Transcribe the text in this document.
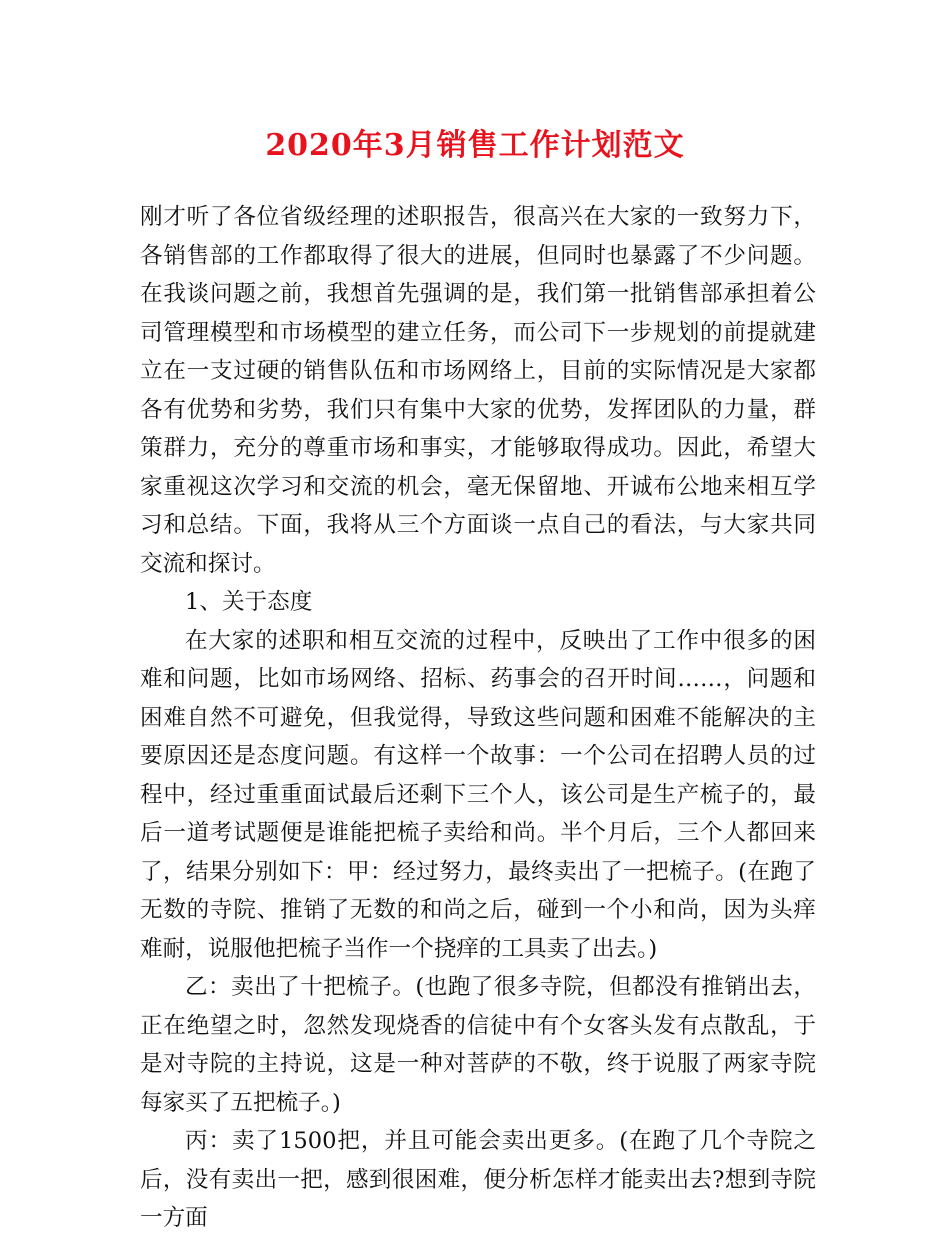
2020年3月销售工作计划范文

刚才听了各位省级经理的述职报告，很高兴在大家的一致努力下，各销售部的工作都取得了很大的进展，但同时也暴露了不少问题。在我谈问题之前，我想首先强调的是，我们第一批销售部承担着公司管理模型和市场模型的建立任务，而公司下一步规划的前提就建立在一支过硬的销售队伍和市场网络上，目前的实际情况是大家都各有优势和劣势，我们只有集中大家的优势，发挥团队的力量，群策群力，充分的尊重市场和事实，才能够取得成功。因此，希望大家重视这次学习和交流的机会，毫无保留地、开诚布公地来相互学习和总结。下面，我将从三个方面谈一点自己的看法，与大家共同交流和探讨。

1、关于态度

在大家的述职和相互交流的过程中，反映出了工作中很多的困难和问题，比如市场网络、招标、药事会的召开时间……，问题和困难自然不可避免，但我觉得，导致这些问题和困难不能解决的主要原因还是态度问题。有这样一个故事：一个公司在招聘人员的过程中，经过重重面试最后还剩下三个人，该公司是生产梳子的，最后一道考试题便是谁能把梳子卖给和尚。半个月后，三个人都回来了，结果分别如下：甲：经过努力，最终卖出了一把梳子。(在跑了无数的寺院、推销了无数的和尚之后，碰到一个小和尚，因为头痒难耐，说服他把梳子当作一个挠痒的工具卖了出去。)

乙：卖出了十把梳子。(也跑了很多寺院，但都没有推销出去，正在绝望之时，忽然发现烧香的信徒中有个女客头发有点散乱，于是对寺院的主持说，这是一种对菩萨的不敬，终于说服了两家寺院每家买了五把梳子。)

丙：卖了1500把，并且可能会卖出更多。(在跑了几个寺院之后，没有卖出一把，感到很困难，便分析怎样才能卖出去?想到寺院一方面
